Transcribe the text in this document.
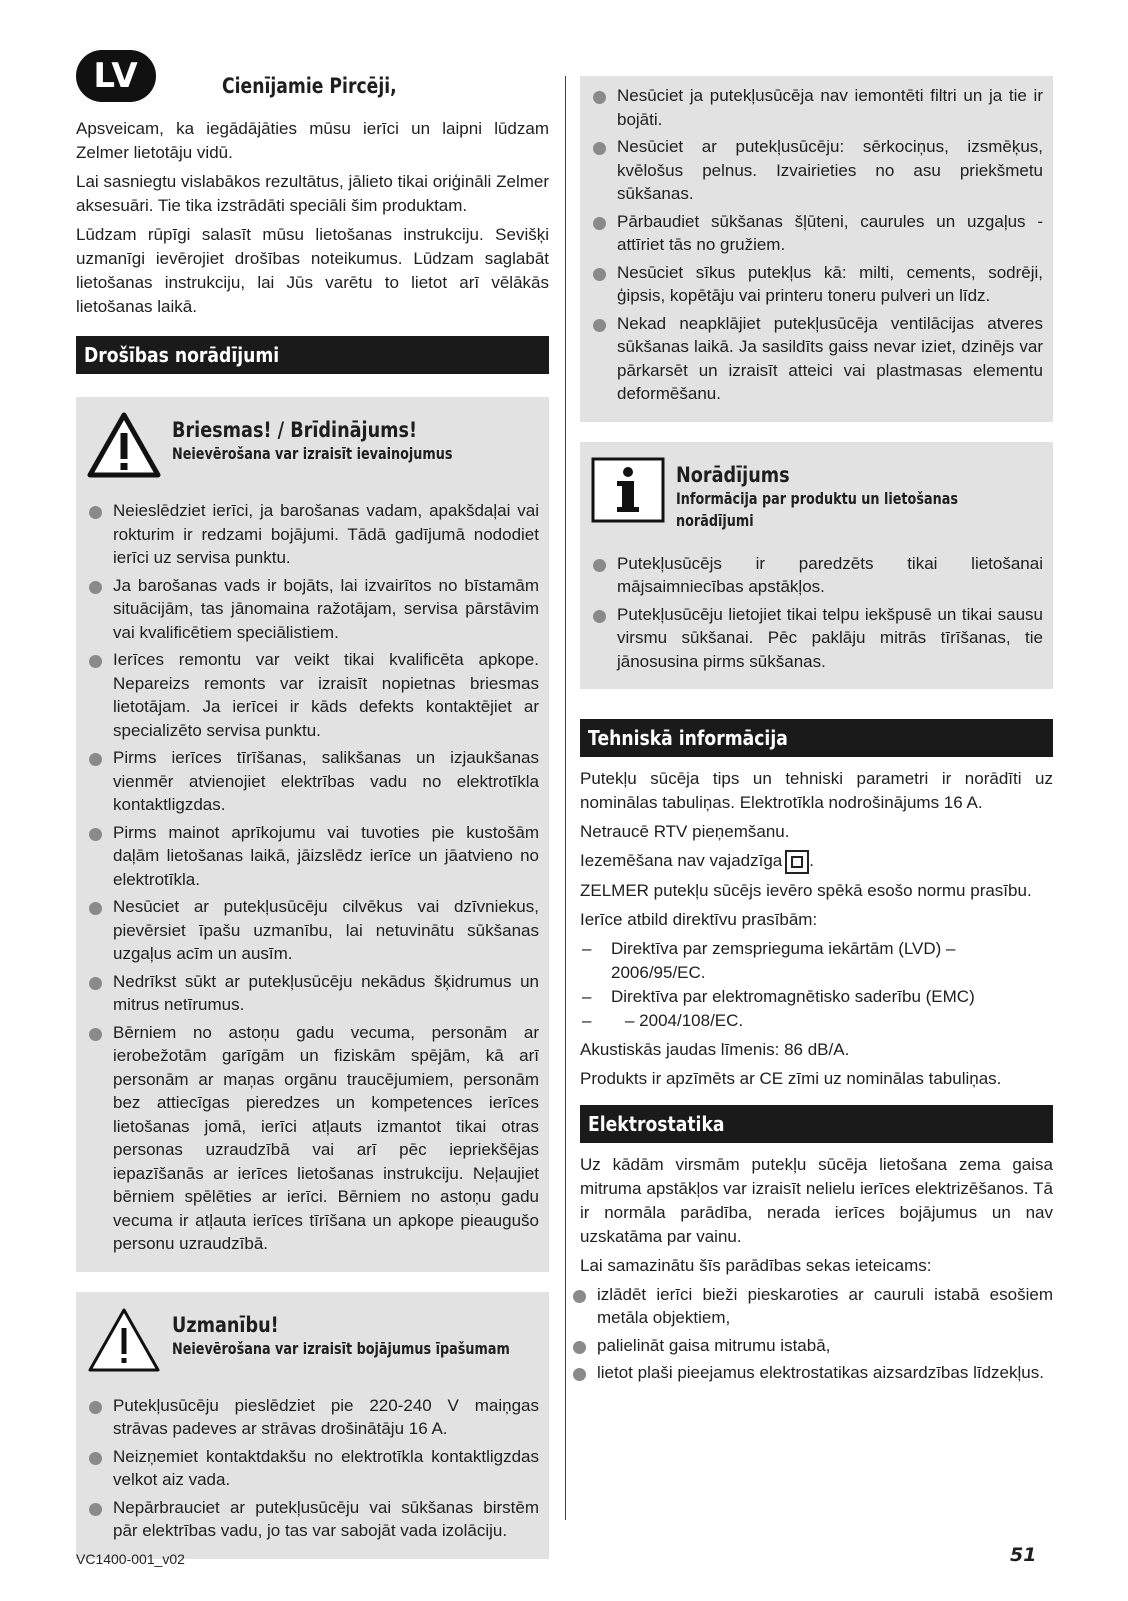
LV	Cienījamie Pircēji,

Apsveicam, ka iegādājāties mūsu ierīci un laipni lūdzam Zelmer lietotāju vidū.

Lai sasniegtu vislabākos rezultātus, jālieto tikai oriģināli Zelmer aksesuāri. Tie tika izstrādāti speciāli šim produktam.

Lūdzam rūpīgi salasīt mūsu lietošanas instrukciju. Sevišķi uzmanīgi ievērojiet drošības noteikumus. Lūdzam saglabāt lietošanas instrukciju, lai Jūs varētu to lietot arī vēlākās lietošanas laikā.

Drošības norādījumi
Briesmas! / Brīdinājums!
Neievērošana var izraisīt ievainojumus
Neieslēdziet ierīci, ja barošanas vadam, apakšdaļai vai rokturim ir redzami bojājumi. Tādā gadījumā nododiet ierīci uz servisa punktu.
Ja barošanas vads ir bojāts, lai izvairītos no bīstamām situācijām, tas jānomaina ražotājam, servisa pārstāvim vai kvalificētiem speciālistiem.
Ierīces remontu var veikt tikai kvalificēta apkope. Nepareizs remonts var izraisīt nopietnas briesmas lietotājam. Ja ierīcei ir kāds defekts kontaktējiet ar specializēto servisa punktu.
Pirms ierīces tīrīšanas, salikšanas un izjaukšanas vienmēr atvienojiet elektrības vadu no elektrotīkla kontaktligzdas.
Pirms mainot aprīkojumu vai tuvoties pie kustošām daļām lietošanas laikā, jāizslēdz ierīce un jāatvieno no elektrotīkla.
Nesūciet ar putekļusūcēju cilvēkus vai dzīvniekus, pievērsiet īpašu uzmanību, lai netuvinātu sūkšanas uzgaļus acīm un ausīm.
Nedrīkst sūkt ar putekļusūcēju nekādus šķidrumus un mitrus netīrumus.
Bērniem no astoņu gadu vecuma, personām ar ierobežotām garīgām un fiziskām spējām, kā arī personām ar maņas orgānu traucējumiem, personām bez attiecīgas pieredzes un kompetences ierīces lietošanas jomā, ierīci atļauts izmantot tikai otras personas uzraudzībā vai arī pēc iepriekšējas iepazīšanās ar ierīces lietošanas instrukciju. Neļaujiet bērniem spēlēties ar ierīci. Bērniem no astoņu gadu vecuma ir atļauta ierīces tīrīšana un apkope pieaugušo personu uzraudzībā.
Uzmanību!
Neievērošana var izraisīt bojājumus īpašumam
Putekļusūcēju pieslēdziet pie 220-240 V maiņgas strāvas padeves ar strāvas drošinātāju 16 A.
Neizņemiet kontaktdakšu no elektrotīkla kontaktligzdas velkot aiz vada.
Nepārbrauciet ar putekļusūcēju vai sūkšanas birstēm pār elektrības vadu, jo tas var sabojāt vada izolāciju.
Nesūciet ja putekļusūcēja nav iemontēti filtri un ja tie ir bojāti.
Nesūciet ar putekļusūcēju: sērkociņus, izsmēķus, kvēlošus pelnus. Izvairieties no asu priekšmetu sūkšanas.
Pārbaudiet sūkšanas šļūteni, caurules un uzgaļus - attīriet tās no gružiem.
Nesūciet sīkus putekļus kā: milti, cements, sodrēji, ģipsis, kopētāju vai printeru toneru pulveri un līdz.
Nekad neapklājiet putekļusūcēja ventilācijas atveres sūkšanas laikā. Ja sasildīts gaiss nevar iziet, dzinējs var pārkarsēt un izraisīt atteici vai plastmasas elementu deformēšanu.
Norādījums
Informācija par produktu un lietošanas
norādījumi
Putekļusūcējs ir paredzēts tikai lietošanai mājsaimniecības apstākļos.
Putekļusūcēju lietojiet tikai telpu iekšpusē un tikai sausu virsmu sūkšanai. Pēc paklāju mitrās tīrīšanas, tie jānosusina pirms sūkšanas.
Tehniskā informācija

Putekļu sūcēja tips un tehniski parametri ir norādīti uz nominālas tabuliņas. Elektrotīkla nodrošinājums 16 A.

Netraucē RTV pieņemšanu.

Iezemēšana nav vajadzīga .

ZELMER putekļu sūcējs ievēro spēkā esošo normu prasību.

Ierīce atbild direktīvu prasībām:

– Direktīva par zemsprieguma iekārtām (LVD) – 2006/95/EC.
– Direktīva par elektromagnētisko saderību (EMC)
– – 2004/108/EC.

Akustiskās jaudas līmenis: 86 dB/A.

Produkts ir apzīmēts ar CE zīmi uz nominālas tabuliņas.

Elektrostatika

Uz kādām virsmām putekļu sūcēja lietošana zema gaisa mitruma apstākļos var izraisīt nelielu ierīces elektrizēšanos. Tā ir normāla parādība, nerada ierīces bojājumus un nav uzskatāma par vainu.

Lai samazinātu šīs parādības sekas ieteicams:

izlādēt ierīci bieži pieskaroties ar cauruli istabā esošiem metāla objektiem,
palielināt gaisa mitrumu istabā,
lietot plaši pieejamus elektrostatikas aizsardzības līdzekļus.
VC1400-001_v02	51
